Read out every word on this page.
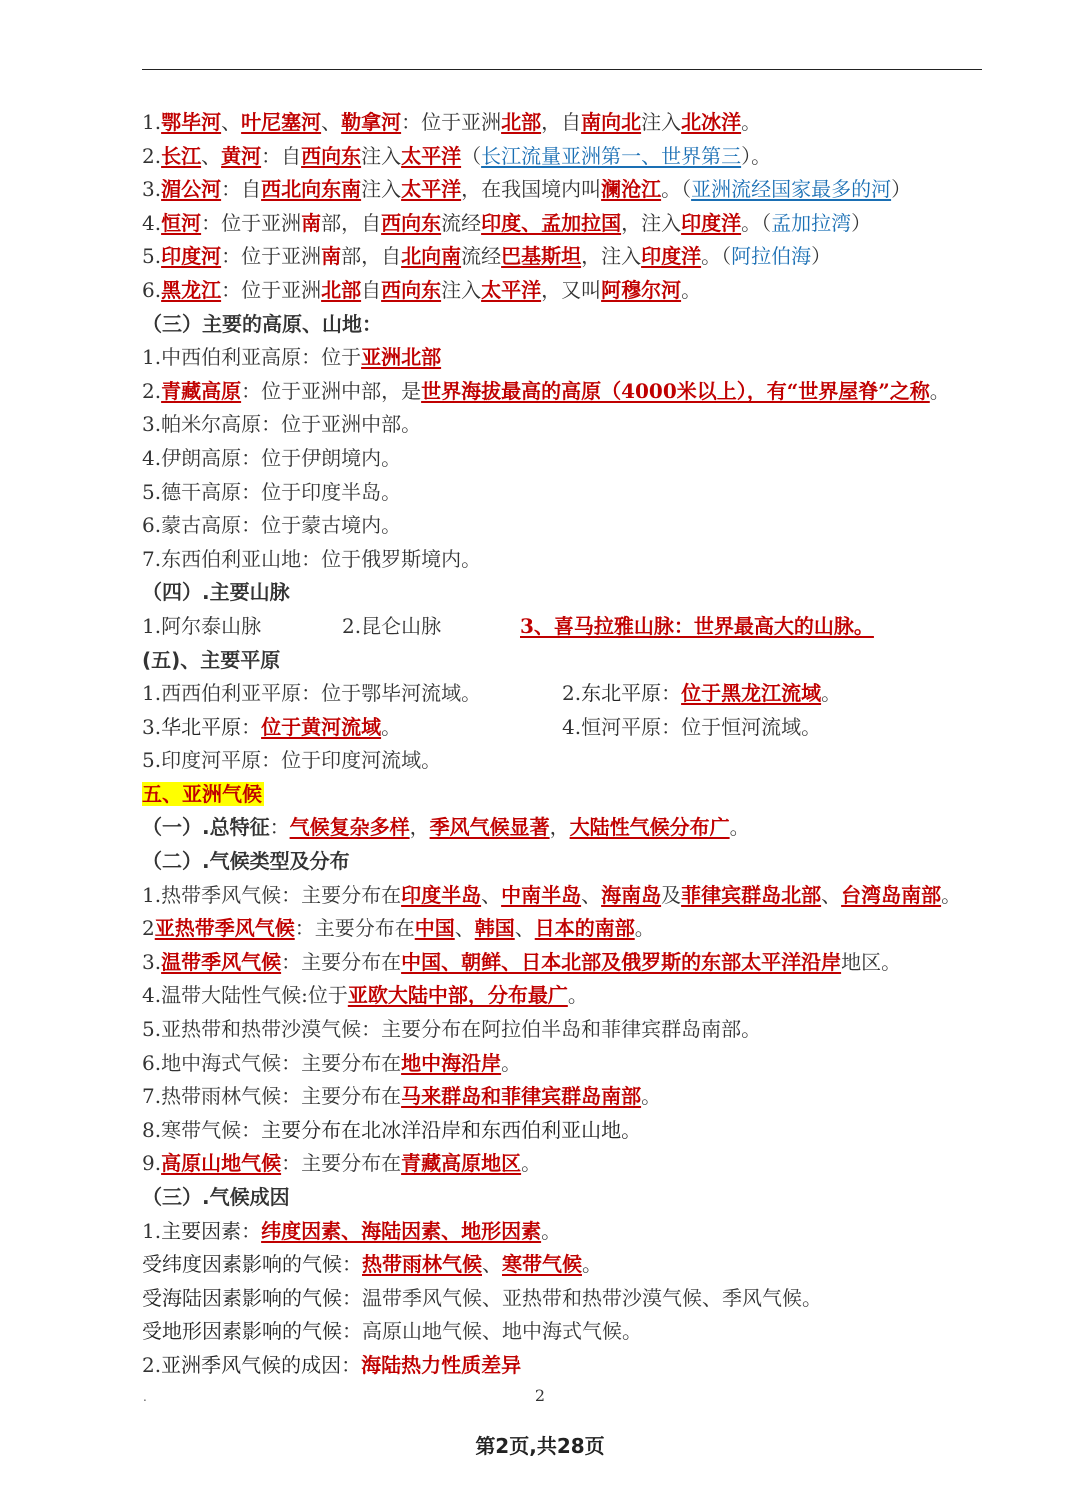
1.鄂毕河、叶尼塞河、勒拿河：位于亚洲北部，自南向北注入北冰洋。
2.长江、黄河：自西向东注入太平洋（长江流量亚洲第一、世界第三）。
3.湄公河：自西北向东南注入太平洋，在我国境内叫澜沧江。（亚洲流经国家最多的河）
4.恒河：位于亚洲南部，自西向东流经印度、孟加拉国，注入印度洋。（孟加拉湾）
5.印度河：位于亚洲南部，自北向南流经巴基斯坦，注入印度洋。（阿拉伯海）
6.黑龙江：位于亚洲北部自西向东注入太平洋，又叫阿穆尔河。
（三）主要的高原、山地：
1.中西伯利亚高原：位于亚洲北部
2.青藏高原：位于亚洲中部，是世界海拔最高的高原（4000米以上），有“世界屋脊”之称。
3.帕米尔高原：位于亚洲中部。
4.伊朗高原：位于伊朗境内。
5.德干高原：位于印度半岛。
6.蒙古高原：位于蒙古境内。
7.东西伯利亚山地：位于俄罗斯境内。
（四）.主要山脉
1.阿尔泰山脉	2.昆仑山脉	3、喜马拉雅山脉：世界最高大的山脉。
(五)、主要平原
1.西西伯利亚平原：位于鄂毕河流域。	2.东北平原：位于黑龙江流域。
3.华北平原：位于黄河流域。	4.恒河平原：位于恒河流域。
5.印度河平原：位于印度河流域。
五、亚洲气候
（一）.总特征：气候复杂多样，季风气候显著，大陆性气候分布广。
（二）.气候类型及分布
1.热带季风气候：主要分布在印度半岛、中南半岛、海南岛及菲律宾群岛北部、台湾岛南部。
2亚热带季风气候：主要分布在中国、韩国、日本的南部。
3.温带季风气候：主要分布在中国、朝鲜、日本北部及俄罗斯的东部太平洋沿岸地区。
4.温带大陆性气候:位于亚欧大陆中部，分布最广。
5.亚热带和热带沙漠气候：主要分布在阿拉伯半岛和菲律宾群岛南部。
6.地中海式气候：主要分布在地中海沿岸。
7.热带雨林气候：主要分布在马来群岛和菲律宾群岛南部。
8.寒带气候：主要分布在北冰洋沿岸和东西伯利亚山地。
9.高原山地气候：主要分布在青藏高原地区。
（三）.气候成因
1.主要因素：纬度因素、海陆因素、地形因素。
受纬度因素影响的气候：热带雨林气候、寒带气候。
受海陆因素影响的气候：温带季风气候、亚热带和热带沙漠气候、季风气候。
受地形因素影响的气候：高原山地气候、地中海式气候。
2.亚洲季风气候的成因：海陆热力性质差异
.	2
第2页,共28页
